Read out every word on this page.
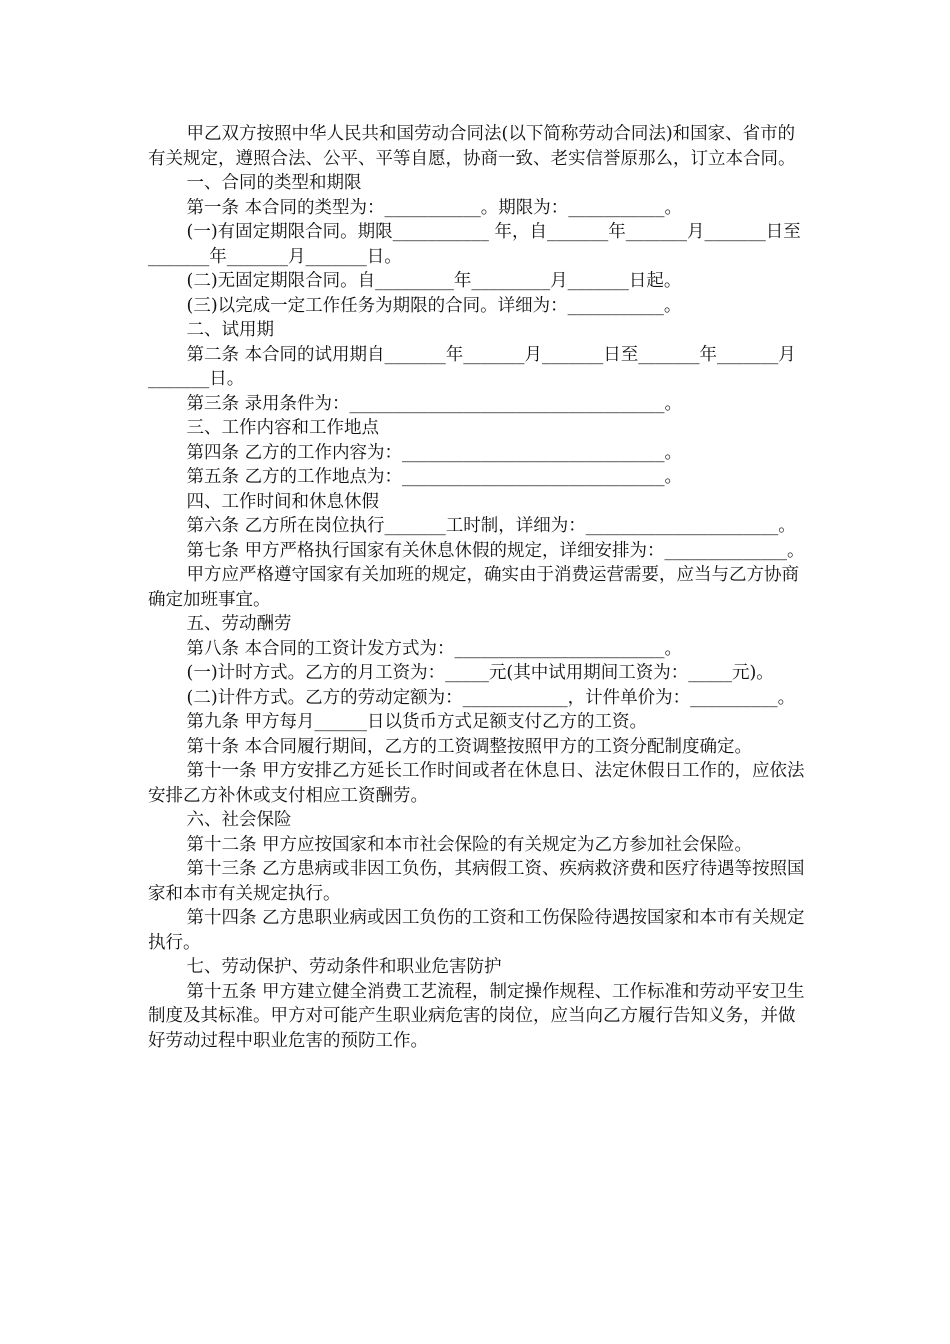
甲乙双方按照中华人民共和国劳动合同法(以下简称劳动合同法)和国家、省市的有关规定，遵照合法、公平、平等自愿，协商一致、老实信誉原那么，订立本合同。

一、合同的类型和期限

第一条 本合同的类型为：___________。期限为：___________。

(一)有固定期限合同。期限___________ 年，自_______年_______月_______日至_______年_______月_______日。

(二)无固定期限合同。自_________年_________月_______日起。

(三)以完成一定工作任务为期限的合同。详细为：___________。

二、试用期

第二条 本合同的试用期自_______年_______月_______日至_______年_______月_______日。

第三条 录用条件为：____________________________________。

三、工作内容和工作地点

第四条 乙方的工作内容为：______________________________。

第五条 乙方的工作地点为：______________________________。

四、工作时间和休息休假

第六条 乙方所在岗位执行_______工时制，详细为：______________________。

第七条 甲方严格执行国家有关休息休假的规定，详细安排为：______________。

甲方应严格遵守国家有关加班的规定，确实由于消费运营需要，应当与乙方协商确定加班事宜。

五、劳动酬劳

第八条 本合同的工资计发方式为：________________________。

(一)计时方式。乙方的月工资为：_____元(其中试用期间工资为：_____元)。

(二)计件方式。乙方的劳动定额为：____________，计件单价为：__________。

第九条 甲方每月______日以货币方式足额支付乙方的工资。

第十条 本合同履行期间，乙方的工资调整按照甲方的工资分配制度确定。

第十一条 甲方安排乙方延长工作时间或者在休息日、法定休假日工作的，应依法安排乙方补休或支付相应工资酬劳。

六、社会保险

第十二条 甲方应按国家和本市社会保险的有关规定为乙方参加社会保险。

第十三条 乙方患病或非因工负伤，其病假工资、疾病救济费和医疗待遇等按照国家和本市有关规定执行。

第十四条 乙方患职业病或因工负伤的工资和工伤保险待遇按国家和本市有关规定执行。

七、劳动保护、劳动条件和职业危害防护

第十五条 甲方建立健全消费工艺流程，制定操作规程、工作标准和劳动平安卫生制度及其标准。甲方对可能产生职业病危害的岗位，应当向乙方履行告知义务，并做好劳动过程中职业危害的预防工作。
